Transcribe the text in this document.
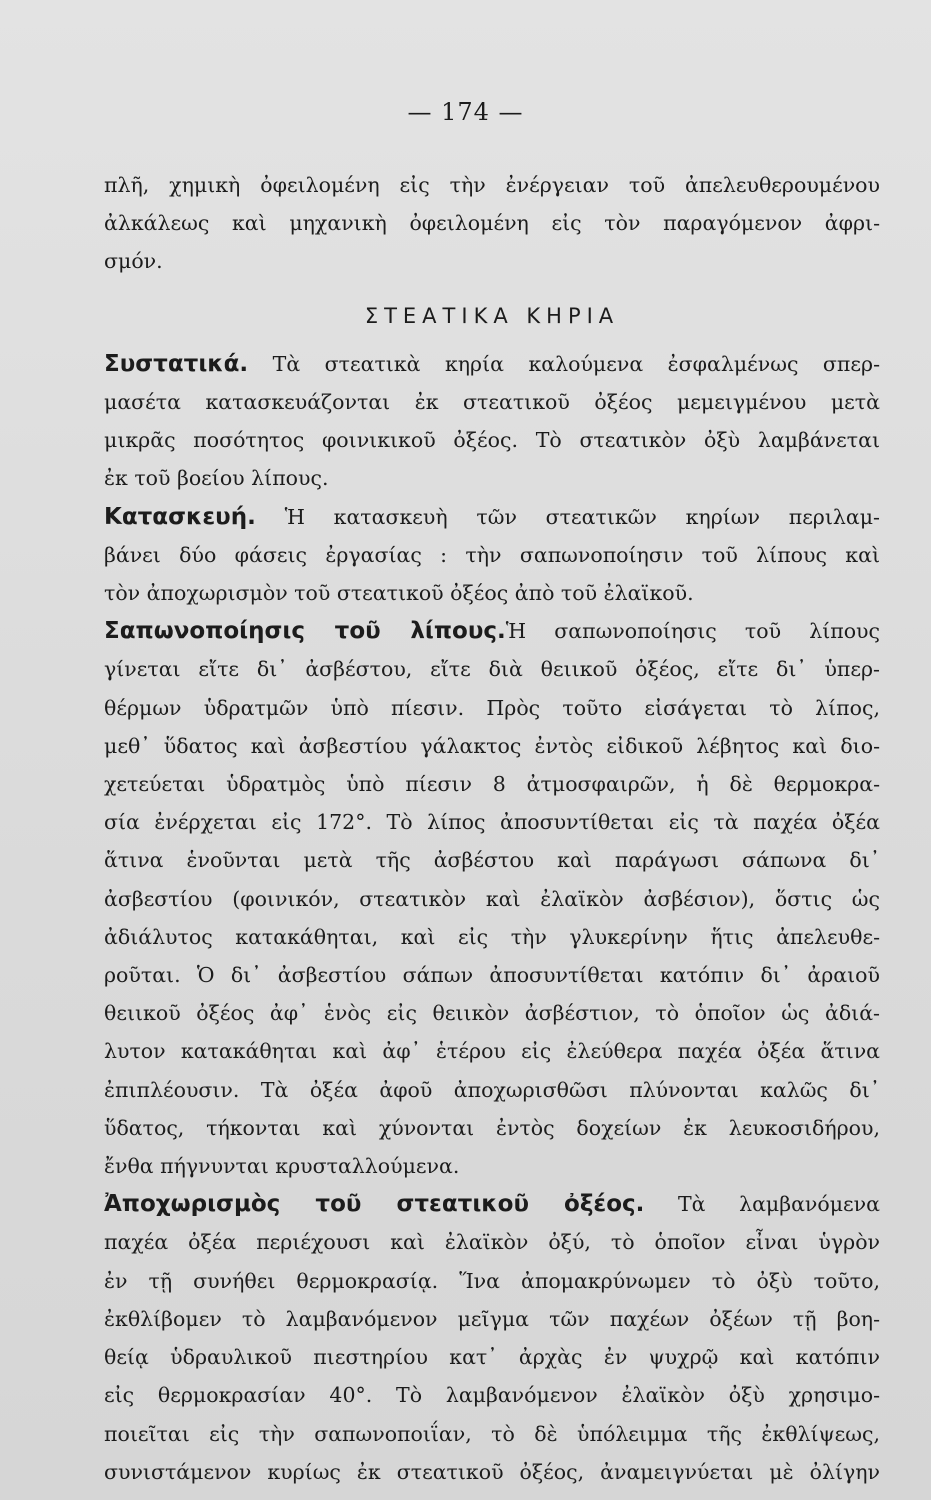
— 174 —
πλῆ, χημικὴ ὀφειλομένη εἰς τὴν ἐνέργειαν τοῦ ἀπελευθερουμένου
ἀλκάλεως καὶ μηχανικὴ ὀφειλομένη εἰς τὸν παραγόμενον ἀφρι-
σμόν.
ΣΤΕΑΤΙΚΑ ΚΗΡΙΑ
Συστατικά. Τὰ στεατικὰ κηρία καλούμενα ἐσφαλμένως σπερ-
μασέτα κατασκευάζονται ἐκ στεατικοῦ ὀξέος μεμειγμένου μετὰ
μικρᾶς ποσότητος φοινικικοῦ ὀξέος. Τὸ στεατικὸν ὀξὺ λαμβάνεται
ἐκ τοῦ βοείου λίπους.
Κατασκευή. Ἡ κατασκευὴ τῶν στεατικῶν κηρίων περιλαμ-
βάνει δύο φάσεις ἐργασίας : τὴν σαπωνοποίησιν τοῦ λίπους καὶ
τὸν ἀποχωρισμὸν τοῦ στεατικοῦ ὀξέος ἀπὸ τοῦ ἐλαϊκοῦ.
Σαπωνοποίησις τοῦ λίπους.Ἡ σαπωνοποίησις τοῦ λίπους
γίνεται εἴτε δι᾽ ἀσβέστου, εἴτε διὰ θειικοῦ ὀξέος, εἴτε δι᾽ ὑπερ-
θέρμων ὑδρατμῶν ὑπὸ πίεσιν. Πρὸς τοῦτο εἰσάγεται τὸ λίπος,
μεθ᾽ ὕδατος καὶ ἀσβεστίου γάλακτος ἐντὸς εἰδικοῦ λέβητος καὶ διο-
χετεύεται ὑδρατμὸς ὑπὸ πίεσιν 8 ἀτμοσφαιρῶν, ἡ δὲ θερμοκρα-
σία ἐνέρχεται εἰς 172°. Τὸ λίπος ἀποσυντίθεται εἰς τὰ παχέα ὀξέα
ἅτινα ἑνοῦνται μετὰ τῆς ἀσβέστου καὶ παράγωσι σάπωνα δι᾽
ἀσβεστίου (φοινικόν, στεατικὸν καὶ ἐλαϊκὸν ἀσβέσιον), ὅστις ὡς
ἀδιάλυτος κατακάθηται, καὶ εἰς τὴν γλυκερίνην ἥτις ἀπελευθε-
ροῦται. Ὁ δι᾽ ἀσβεστίου σάπων ἀποσυντίθεται κατόπιν δι᾽ ἀραιοῦ
θειικοῦ ὀξέος ἀφ᾽ ἑνὸς εἰς θειικὸν ἀσβέστιον, τὸ ὁποῖον ὡς ἀδιά-
λυτον κατακάθηται καὶ ἀφ᾽ ἑτέρου εἰς ἐλεύθερα παχέα ὀξέα ἅτινα
ἐπιπλέουσιν. Τὰ ὀξέα ἀφοῦ ἀποχωρισθῶσι πλύνονται καλῶς δι᾽
ὕδατος, τήκονται καὶ χύνονται ἐντὸς δοχείων ἐκ λευκοσιδήρου,
ἔνθα πήγνυνται κρυσταλλούμενα.
Ἀποχωρισμὸς τοῦ στεατικοῦ ὀξέος. Τὰ λαμβανόμενα
παχέα ὀξέα περιέχουσι καὶ ἐλαϊκὸν ὀξύ, τὸ ὁποῖον εἶναι ὑγρὸν
ἐν τῇ συνήθει θερμοκρασίᾳ. Ἵνα ἀπομακρύνωμεν τὸ ὀξὺ τοῦτο,
ἐκθλίβομεν τὸ λαμβανόμενον μεῖγμα τῶν παχέων ὀξέων τῇ βοη-
θείᾳ ὑδραυλικοῦ πιεστηρίου κατ᾽ ἀρχὰς ἐν ψυχρῷ καὶ κατόπιν
εἰς θερμοκρασίαν 40°. Τὸ λαμβανόμενον ἐλαϊκὸν ὀξὺ χρησιμο-
ποιεῖται εἰς τὴν σαπωνοποιΐαν, τὸ δὲ ὑπόλειμμα τῆς ἐκθλίψεως,
συνιστάμενον κυρίως ἐκ στεατικοῦ ὀξέος, ἀναμειγνύεται μὲ ὀλίγην
